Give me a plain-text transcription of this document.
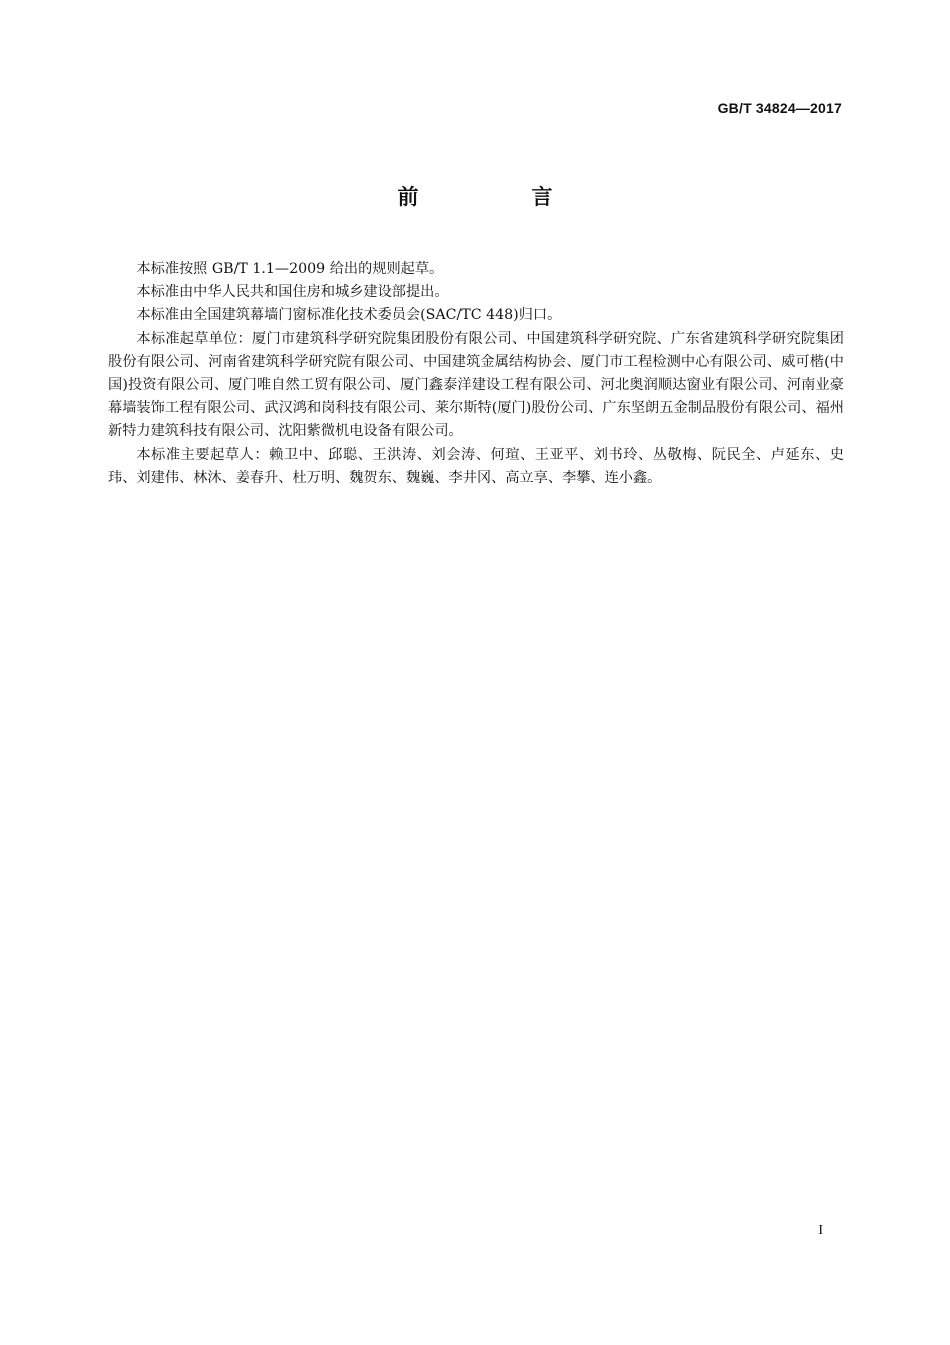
GB/T 34824—2017
前　言

本标准按照 GB/T 1.1—2009 给出的规则起草。

本标准由中华人民共和国住房和城乡建设部提出。

本标准由全国建筑幕墙门窗标准化技术委员会(SAC/TC 448)归口。

本标准起草单位：厦门市建筑科学研究院集团股份有限公司、中国建筑科学研究院、广东省建筑科学研究院集团股份有限公司、河南省建筑科学研究院有限公司、中国建筑金属结构协会、厦门市工程检测中心有限公司、威可楷(中国)投资有限公司、厦门唯自然工贸有限公司、厦门鑫泰洋建设工程有限公司、河北奥润顺达窗业有限公司、河南业豪幕墙装饰工程有限公司、武汉鸿和岗科技有限公司、莱尔斯特(厦门)股份公司、广东坚朗五金制品股份有限公司、福州新特力建筑科技有限公司、沈阳紫微机电设备有限公司。

本标准主要起草人：赖卫中、邱聪、王洪涛、刘会涛、何瑄、王亚平、刘书玲、丛敬梅、阮民全、卢延东、史玮、刘建伟、林沐、姜春升、杜万明、魏贺东、魏巍、李井冈、高立享、李攀、连小鑫。

I
